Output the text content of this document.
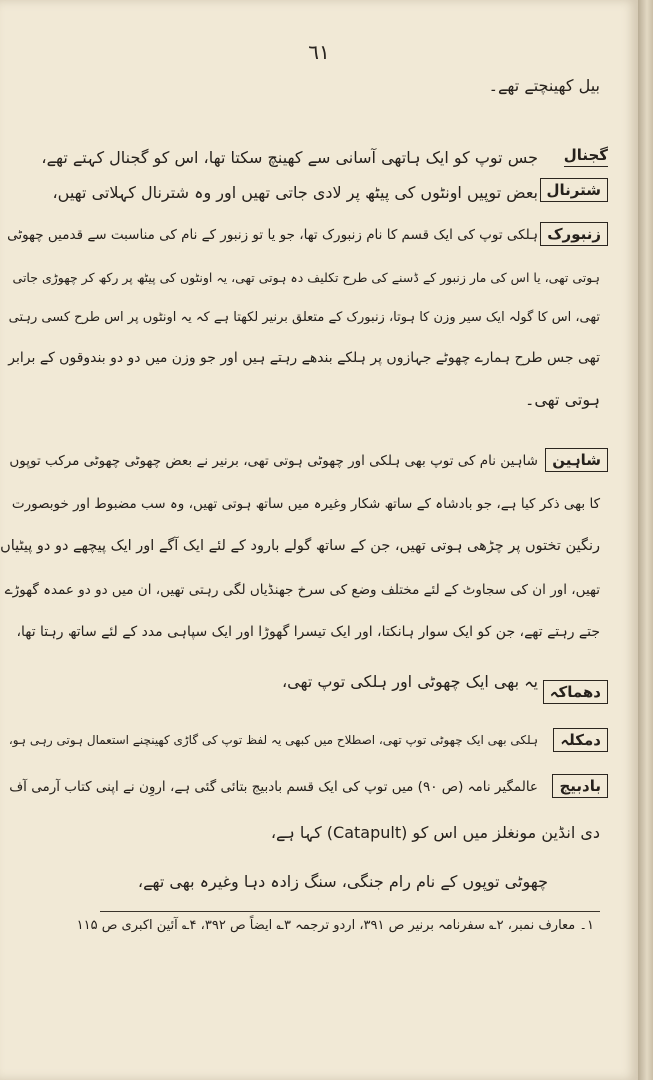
٦١
بیل کھینچتے تھے۔
گجنال
جس توپ کو ایک ہاتھی آسانی سے کھینچ سکتا تھا، اس کو گجنال کہتے تھے،
شترنال
بعض توپیں اونٹوں کی پیٹھ پر لادی جاتی تھیں اور وہ شترنال کہلاتی تھیں،
زنبورک
ہلکی توپ کی ایک قسم کا نام زنبورک تھا، جو یا تو زنبور کے نام کی مناسبت سے قدمیں چھوٹی
ہوتی تھی، یا اس کی مار زنبور کے ڈسنے کی طرح تکلیف دہ ہوتی تھی، یہ اونٹوں کی پیٹھ پر رکھ کر چھوڑی جاتی
تھی، اس کا گولہ ایک سیر وزن کا ہوتا، زنبورک کے متعلق برنیر لکھتا ہے کہ یہ اونٹوں پر اس طرح کسی رہتی
تھی جس طرح ہمارے چھوٹے جہازوں پر ہلکے بندھے رہتے ہیں اور جو وزن میں دو دو بندوقوں کے برابر
ہوتی تھی۔
شاہین
شاہین نام کی توپ بھی ہلکی اور چھوٹی ہوتی تھی، برنیر نے بعض چھوٹی چھوٹی مرکب توپوں
کا بھی ذکر کیا ہے، جو بادشاہ کے ساتھ شکار وغیرہ میں ساتھ ہوتی تھیں، وہ سب مضبوط اور خوبصورت
رنگین تختوں پر چڑھی ہوتی تھیں، جن کے ساتھ گولے بارود کے لئے ایک آگے اور ایک پیچھے دو دو پیٹیاں
تھیں، اور ان کی سجاوٹ کے لئے مختلف وضع کی سرخ جھنڈیاں لگی رہتی تھیں، ان میں دو دو عمدہ گھوڑے
جتے رہتے تھے، جن کو ایک سوار ہانکتا، اور ایک تیسرا گھوڑا اور ایک سپاہی مدد کے لئے ساتھ رہتا تھا،
دھماکہ
یہ بھی ایک چھوٹی اور ہلکی توپ تھی،
دمکلہ
ہلکی بھی ایک چھوٹی توپ تھی، اصطلاح میں کبھی یہ لفظ توپ کی گاڑی کھینچنے استعمال ہوتی رہی ہو،
بادبیج
عالمگیر نامہ (ص ۹۰) میں توپ کی ایک قسم بادبیج بتائی گئی ہے، اروِن نے اپنی کتاب آرمی آف
دی انڈین مونغلز میں اس کو (Catapult) کہا ہے،
چھوٹی توپوں کے نام رام جنگی، سنگ زادہ دہا وغیرہ بھی تھے،
۱۔ معارف نمبر، ۲؎ سفرنامہ برنیر ص ۳۹۱، اردو ترجمہ ۳؎ ایضاً ص ۳۹۲، ۴؎ آئین اکبری ص ۱۱۵
